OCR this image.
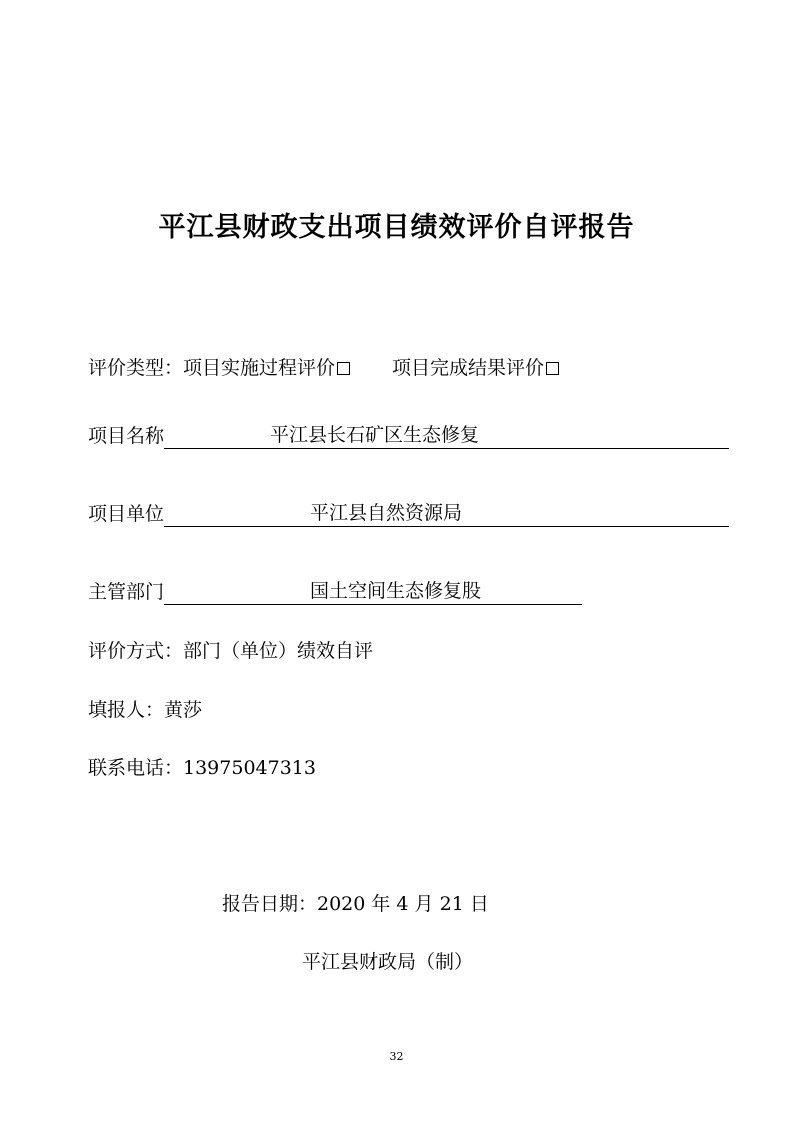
平江县财政支出项目绩效评价自评报告
评价类型：项目实施过程评价	项目完成结果评价
项目名称	平江县长石矿区生态修复
项目单位	平江县自然资源局
主管部门	国土空间生态修复股
评价方式：部门（单位）绩效自评
填报人：黄莎
联系电话：13975047313
报告日期：2020 年 4 月 21 日
平江县财政局（制）
32
